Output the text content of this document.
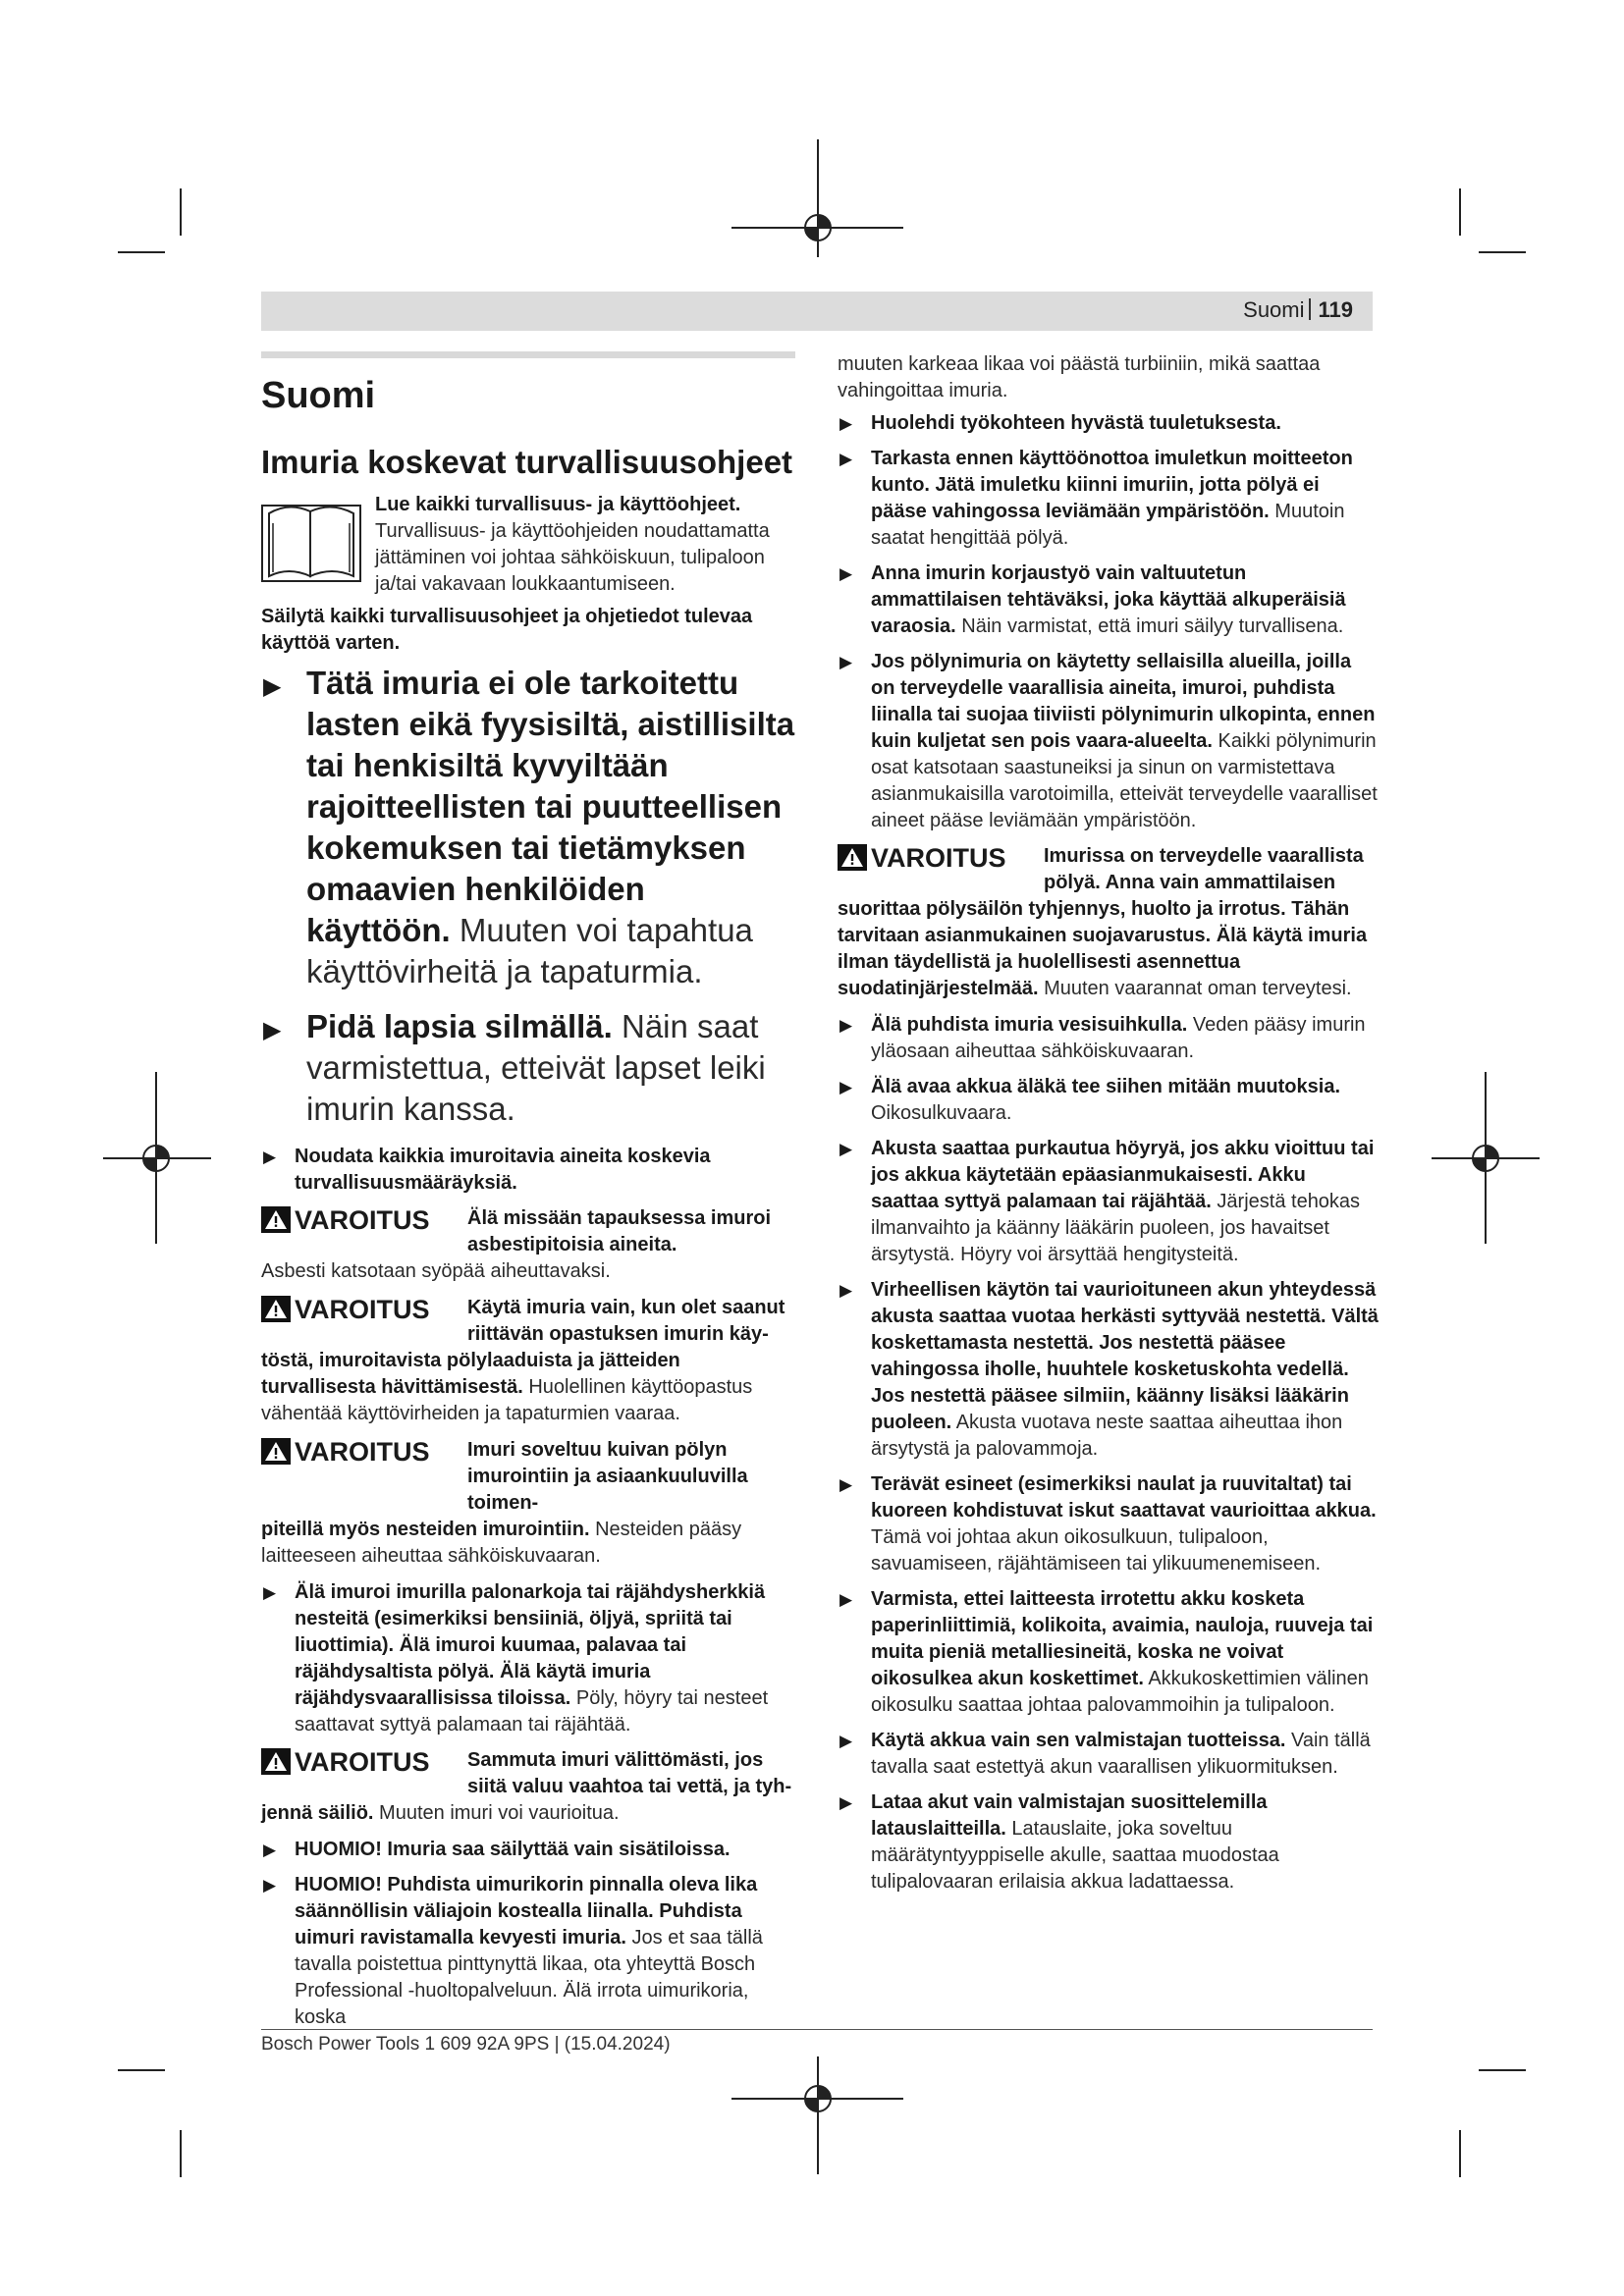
Suomi 119
Suomi
Imuria koskevat turvallisuusohjeet
Lue kaikki turvallisuus- ja käyttöohjeet. Turvallisuus- ja käyttöohjeiden noudattamatta jättäminen voi johtaa sähköiskuun, tulipaloon ja/tai vakavaan loukkaantumiseen.

Säilytä kaikki turvallisuusohjeet ja ohjetiedot tulevaa käyttöä varten.

▶ Tätä imuria ei ole tarkoitettu lasten eikä fyysisiltä, aistillisilta tai henkisiltä kyvyiltään rajoitteellisten tai puutteellisen kokemuksen tai tietämyksen omaavien henkilöiden käyttöön. Muuten voi tapahtua käyttövirheitä ja tapaturmia.
▶ Pidä lapsia silmällä. Näin saat varmistettua, etteivät lapset leiki imurin kanssa.
▶ Noudata kaikkia imuroitavia aineita koskevia turvallisuusmääräyksiä.
VAROITUS Älä missään tapauksessa imuroi asbestipitoisia aineita.
Asbesti katsotaan syöpää aiheuttavaksi.
VAROITUS Käytä imuria vain, kun olet saanut riittävän opastuksen imurin käy-
töstä, imuroitavista pölylaaduista ja jätteiden turvallisesta hävittämisestä. Huolellinen käyttöopastus vähentää käyttövirheiden ja tapaturmien vaaraa.
VAROITUS Imuri soveltuu kuivan pölyn imurointiin ja asiaankuuluvilla toimen-
piteillä myös nesteiden imurointiin. Nesteiden pääsy laitteeseen aiheuttaa sähköiskuvaaran.
▶ Älä imuroi imurilla palonarkoja tai räjähdysherkkiä nesteitä (esimerkiksi bensiiniä, öljyä, spriitä tai liuottimia). Älä imuroi kuumaa, palavaa tai räjähdysaltista pölyä. Älä käytä imuria räjähdysvaarallisissa tiloissa. Pöly, höyry tai nesteet saattavat syttyä palamaan tai räjähtää.
VAROITUS Sammuta imuri välittömästi, jos siitä valuu vaahtoa tai vettä, ja tyh-
jennä säiliö. Muuten imuri voi vaurioitua.
▶ HUOMIO! Imuria saa säilyttää vain sisätiloissa.
▶ HUOMIO! Puhdista uimurikorin pinnalla oleva lika säännöllisin väliajoin kostealla liinalla. Puhdista uimuri ravistamalla kevyesti imuria. Jos et saa tällä tavalla poistettua pinttynyttä likaa, ota yhteyttä Bosch Professional -huoltopalveluun. Älä irrota uimurikoria, koska

muuten karkeaa likaa voi päästä turbiiniin, mikä saattaa vahingoittaa imuria.

▶ Huolehdi työkohteen hyvästä tuuletuksesta.
▶ Tarkasta ennen käyttöönottoa imuletkun moitteeton kunto. Jätä imuletku kiinni imuriin, jotta pölyä ei pääse vahingossa leviämään ympäristöön. Muutoin saatat hengittää pölyä.
▶ Anna imurin korjaustyö vain valtuutetun ammattilaisen tehtäväksi, joka käyttää alkuperäisiä varaosia. Näin varmistat, että imuri säilyy turvallisena.
▶ Jos pölynimuria on käytetty sellaisilla alueilla, joilla on terveydelle vaarallisia aineita, imuroi, puhdista liinalla tai suojaa tiiviisti pölynimurin ulkopinta, ennen kuin kuljetat sen pois vaara-alueelta. Kaikki pölynimurin osat katsotaan saastuneiksi ja sinun on varmistettava asianmukaisilla varotoimilla, etteivät terveydelle vaaralliset aineet pääse leviämään ympäristöön.
VAROITUS Imurissa on terveydelle vaarallista pölyä. Anna vain ammattilaisen
suorittaa pölysäilön tyhjennys, huolto ja irrotus. Tähän tarvitaan asianmukainen suojavarustus. Älä käytä imuria ilman täydellistä ja huolellisesti asennettua suodatinjärjestelmää. Muuten vaarannat oman terveytesi.
▶ Älä puhdista imuria vesisuihkulla. Veden pääsy imurin yläosaan aiheuttaa sähköiskuvaaran.
▶ Älä avaa akkua äläkä tee siihen mitään muutoksia. Oikosulkuvaara.
▶ Akusta saattaa purkautua höyryä, jos akku vioittuu tai jos akkua käytetään epäasianmukaisesti. Akku saattaa syttyä palamaan tai räjähtää. Järjestä tehokas ilmanvaihto ja käänny lääkärin puoleen, jos havaitset ärsytystä. Höyry voi ärsyttää hengitysteitä.
▶ Virheellisen käytön tai vaurioituneen akun yhteydessä akusta saattaa vuotaa herkästi syttyvää nestettä. Vältä koskettamasta nestettä. Jos nestettä pääsee vahingossa iholle, huuhtele kosketuskohta vedellä. Jos nestettä pääsee silmiin, käänny lisäksi lääkärin puoleen. Akusta vuotava neste saattaa aiheuttaa ihon ärsytystä ja palovammoja.
▶ Terävät esineet (esimerkiksi naulat ja ruuvitaltat) tai kuoreen kohdistuvat iskut saattavat vaurioittaa akkua. Tämä voi johtaa akun oikosulkuun, tulipaloon, savuamiseen, räjähtämiseen tai ylikuumenemiseen.
▶ Varmista, ettei laitteesta irrotettu akku kosketa paperinliittimiä, kolikoita, avaimia, nauloja, ruuveja tai muita pieniä metalliesineitä, koska ne voivat oikosulkea akun koskettimet. Akkukoskettimien välinen oikosulku saattaa johtaa palovammoihin ja tulipaloon.
▶ Käytä akkua vain sen valmistajan tuotteissa. Vain tällä tavalla saat estettyä akun vaarallisen ylikuormituksen.
▶ Lataa akut vain valmistajan suosittelemilla latauslaitteilla. Latauslaite, joka soveltuu määrätyntyyppiselle akulle, saattaa muodostaa tulipalovaaran erilaisia akkua ladattaessa.
Bosch Power Tools 1 609 92A 9PS | (15.04.2024)
